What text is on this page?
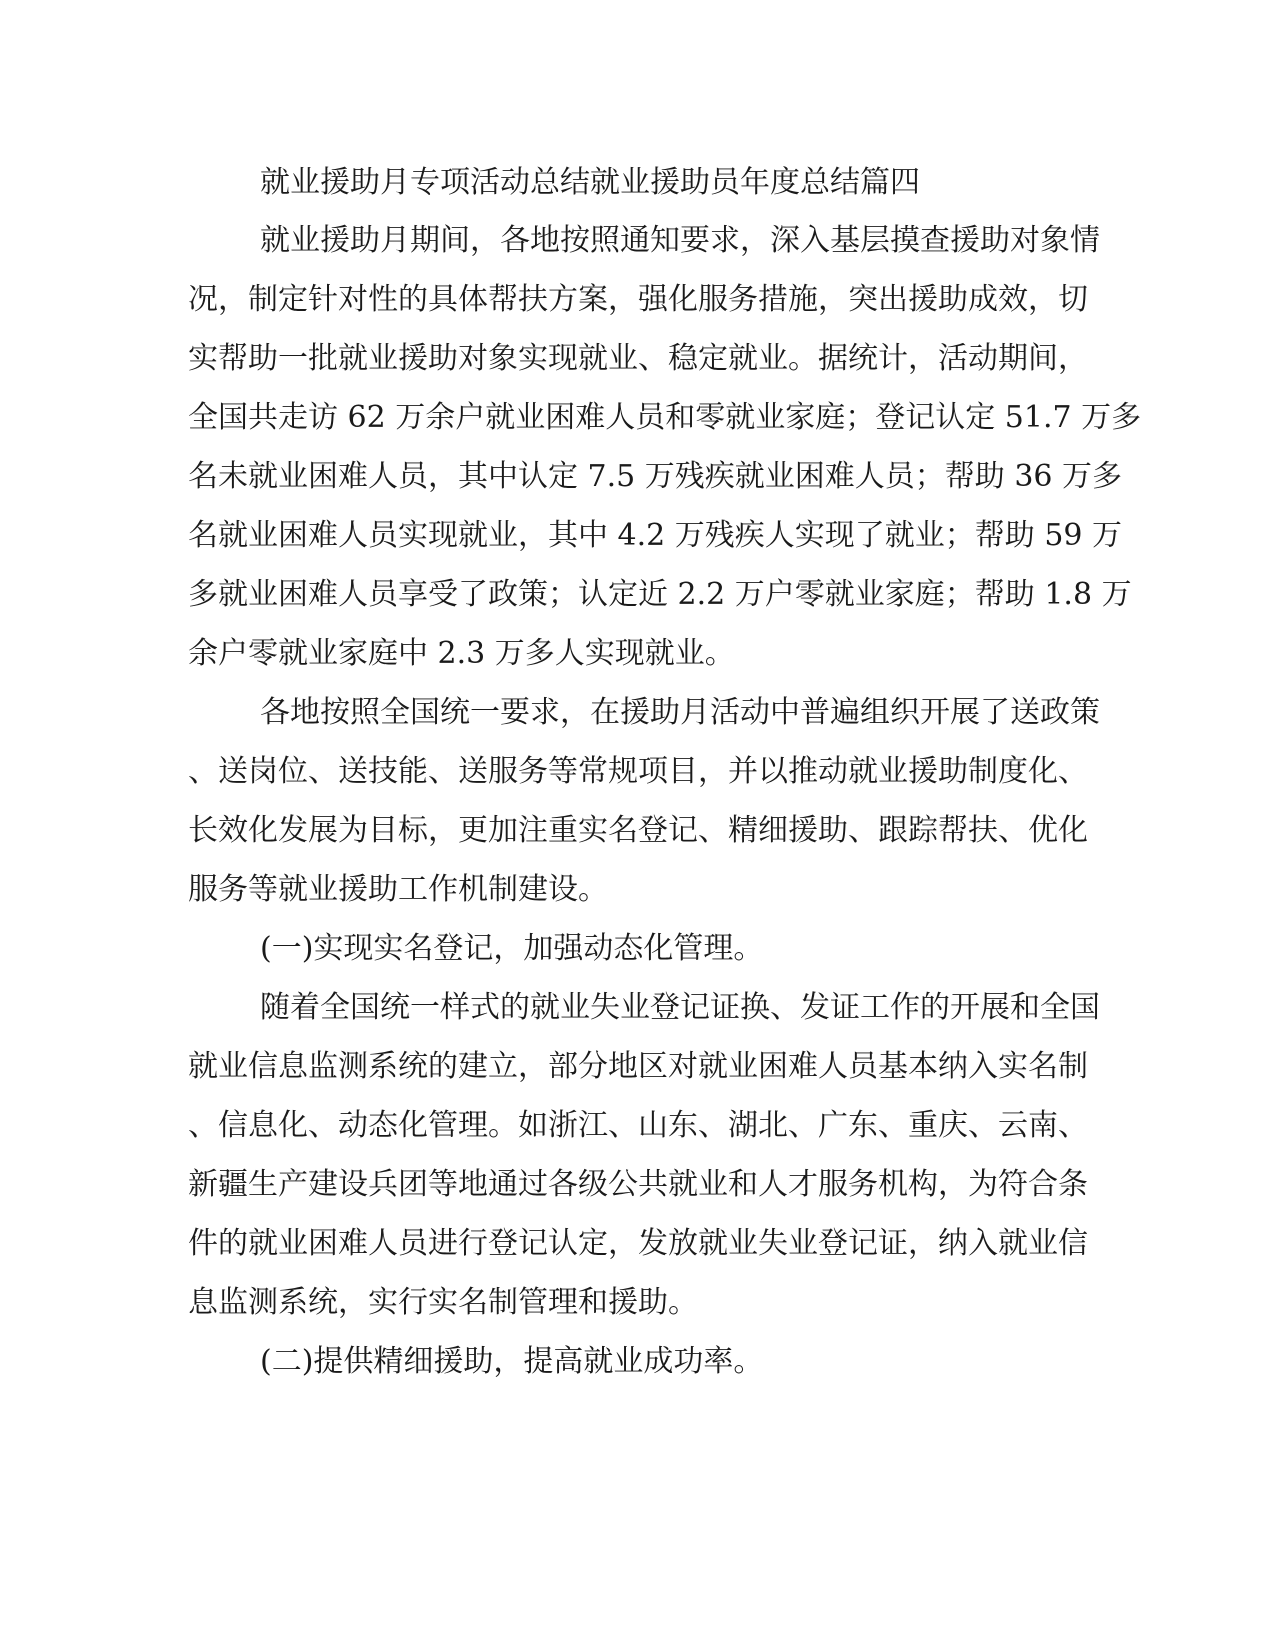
就业援助月专项活动总结就业援助员年度总结篇四

就业援助月期间，各地按照通知要求，深入基层摸查援助对象情

况，制定针对性的具体帮扶方案，强化服务措施，突出援助成效，切

实帮助一批就业援助对象实现就业、稳定就业。据统计，活动期间，

全国共走访 62 万余户就业困难人员和零就业家庭；登记认定 51.7 万多

名未就业困难人员，其中认定 7.5 万残疾就业困难人员；帮助 36 万多

名就业困难人员实现就业，其中 4.2 万残疾人实现了就业；帮助 59 万

多就业困难人员享受了政策；认定近 2.2 万户零就业家庭；帮助 1.8 万

余户零就业家庭中 2.3 万多人实现就业。

各地按照全国统一要求，在援助月活动中普遍组织开展了送政策

、送岗位、送技能、送服务等常规项目，并以推动就业援助制度化、

长效化发展为目标，更加注重实名登记、精细援助、跟踪帮扶、优化

服务等就业援助工作机制建设。

(一)实现实名登记，加强动态化管理。

随着全国统一样式的就业失业登记证换、发证工作的开展和全国

就业信息监测系统的建立，部分地区对就业困难人员基本纳入实名制

、信息化、动态化管理。如浙江、山东、湖北、广东、重庆、云南、

新疆生产建设兵团等地通过各级公共就业和人才服务机构，为符合条

件的就业困难人员进行登记认定，发放就业失业登记证，纳入就业信

息监测系统，实行实名制管理和援助。

(二)提供精细援助，提高就业成功率。
